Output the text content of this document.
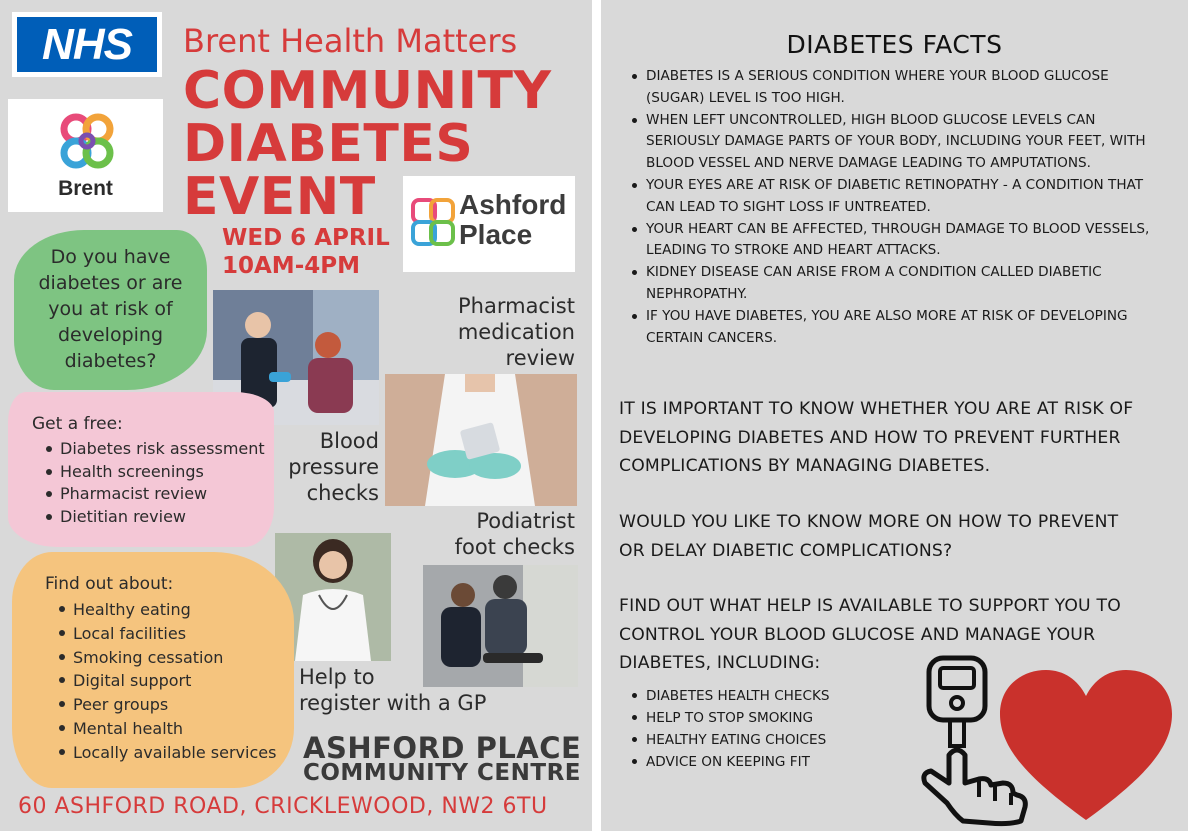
NHS
Brent
Brent Health Matters
COMMUNITY
DIABETES
EVENT
WED 6 APRIL
10AM-4PM
Ashford
Place
Do you have diabetes or are you at risk of developing diabetes?
Pharmacist
medication
review
Blood
pressure
checks
Get a free:
Diabetes risk assessment
Health screenings
Pharmacist review
Dietitian review	Podiatrist
foot checks
Find out about:
Healthy eating
Local facilities
Smoking cessation
Digital support
Peer groups
Mental health
Locally available services
Help to
register with a GP
ASHFORD PLACE
COMMUNITY CENTRE
60 ASHFORD ROAD, CRICKLEWOOD, NW2 6TU
DIABETES FACTS
DIABETES IS A SERIOUS CONDITION WHERE YOUR BLOOD GLUCOSE (SUGAR) LEVEL IS TOO HIGH.
WHEN LEFT UNCONTROLLED, HIGH BLOOD GLUCOSE LEVELS CAN SERIOUSLY DAMAGE PARTS OF YOUR BODY, INCLUDING YOUR FEET, WITH BLOOD VESSEL AND NERVE DAMAGE LEADING TO AMPUTATIONS.
YOUR EYES ARE AT RISK OF DIABETIC RETINOPATHY - A CONDITION THAT CAN LEAD TO SIGHT LOSS IF UNTREATED.
YOUR HEART CAN BE AFFECTED, THROUGH DAMAGE TO BLOOD VESSELS, LEADING TO STROKE AND HEART ATTACKS.
KIDNEY DISEASE CAN ARISE FROM A CONDITION CALLED DIABETIC NEPHROPATHY.
IF YOU HAVE DIABETES, YOU ARE ALSO MORE AT RISK OF DEVELOPING CERTAIN CANCERS.
IT IS IMPORTANT TO KNOW WHETHER YOU ARE AT RISK OF DEVELOPING DIABETES AND HOW TO PREVENT FURTHER COMPLICATIONS BY MANAGING DIABETES.
WOULD YOU LIKE TO KNOW MORE ON HOW TO PREVENT OR DELAY DIABETIC COMPLICATIONS?
FIND OUT WHAT HELP IS AVAILABLE TO SUPPORT YOU TO CONTROL YOUR BLOOD GLUCOSE AND MANAGE YOUR DIABETES, INCLUDING:
DIABETES HEALTH CHECKS
HELP TO STOP SMOKING
HEALTHY EATING CHOICES
ADVICE ON KEEPING FIT
